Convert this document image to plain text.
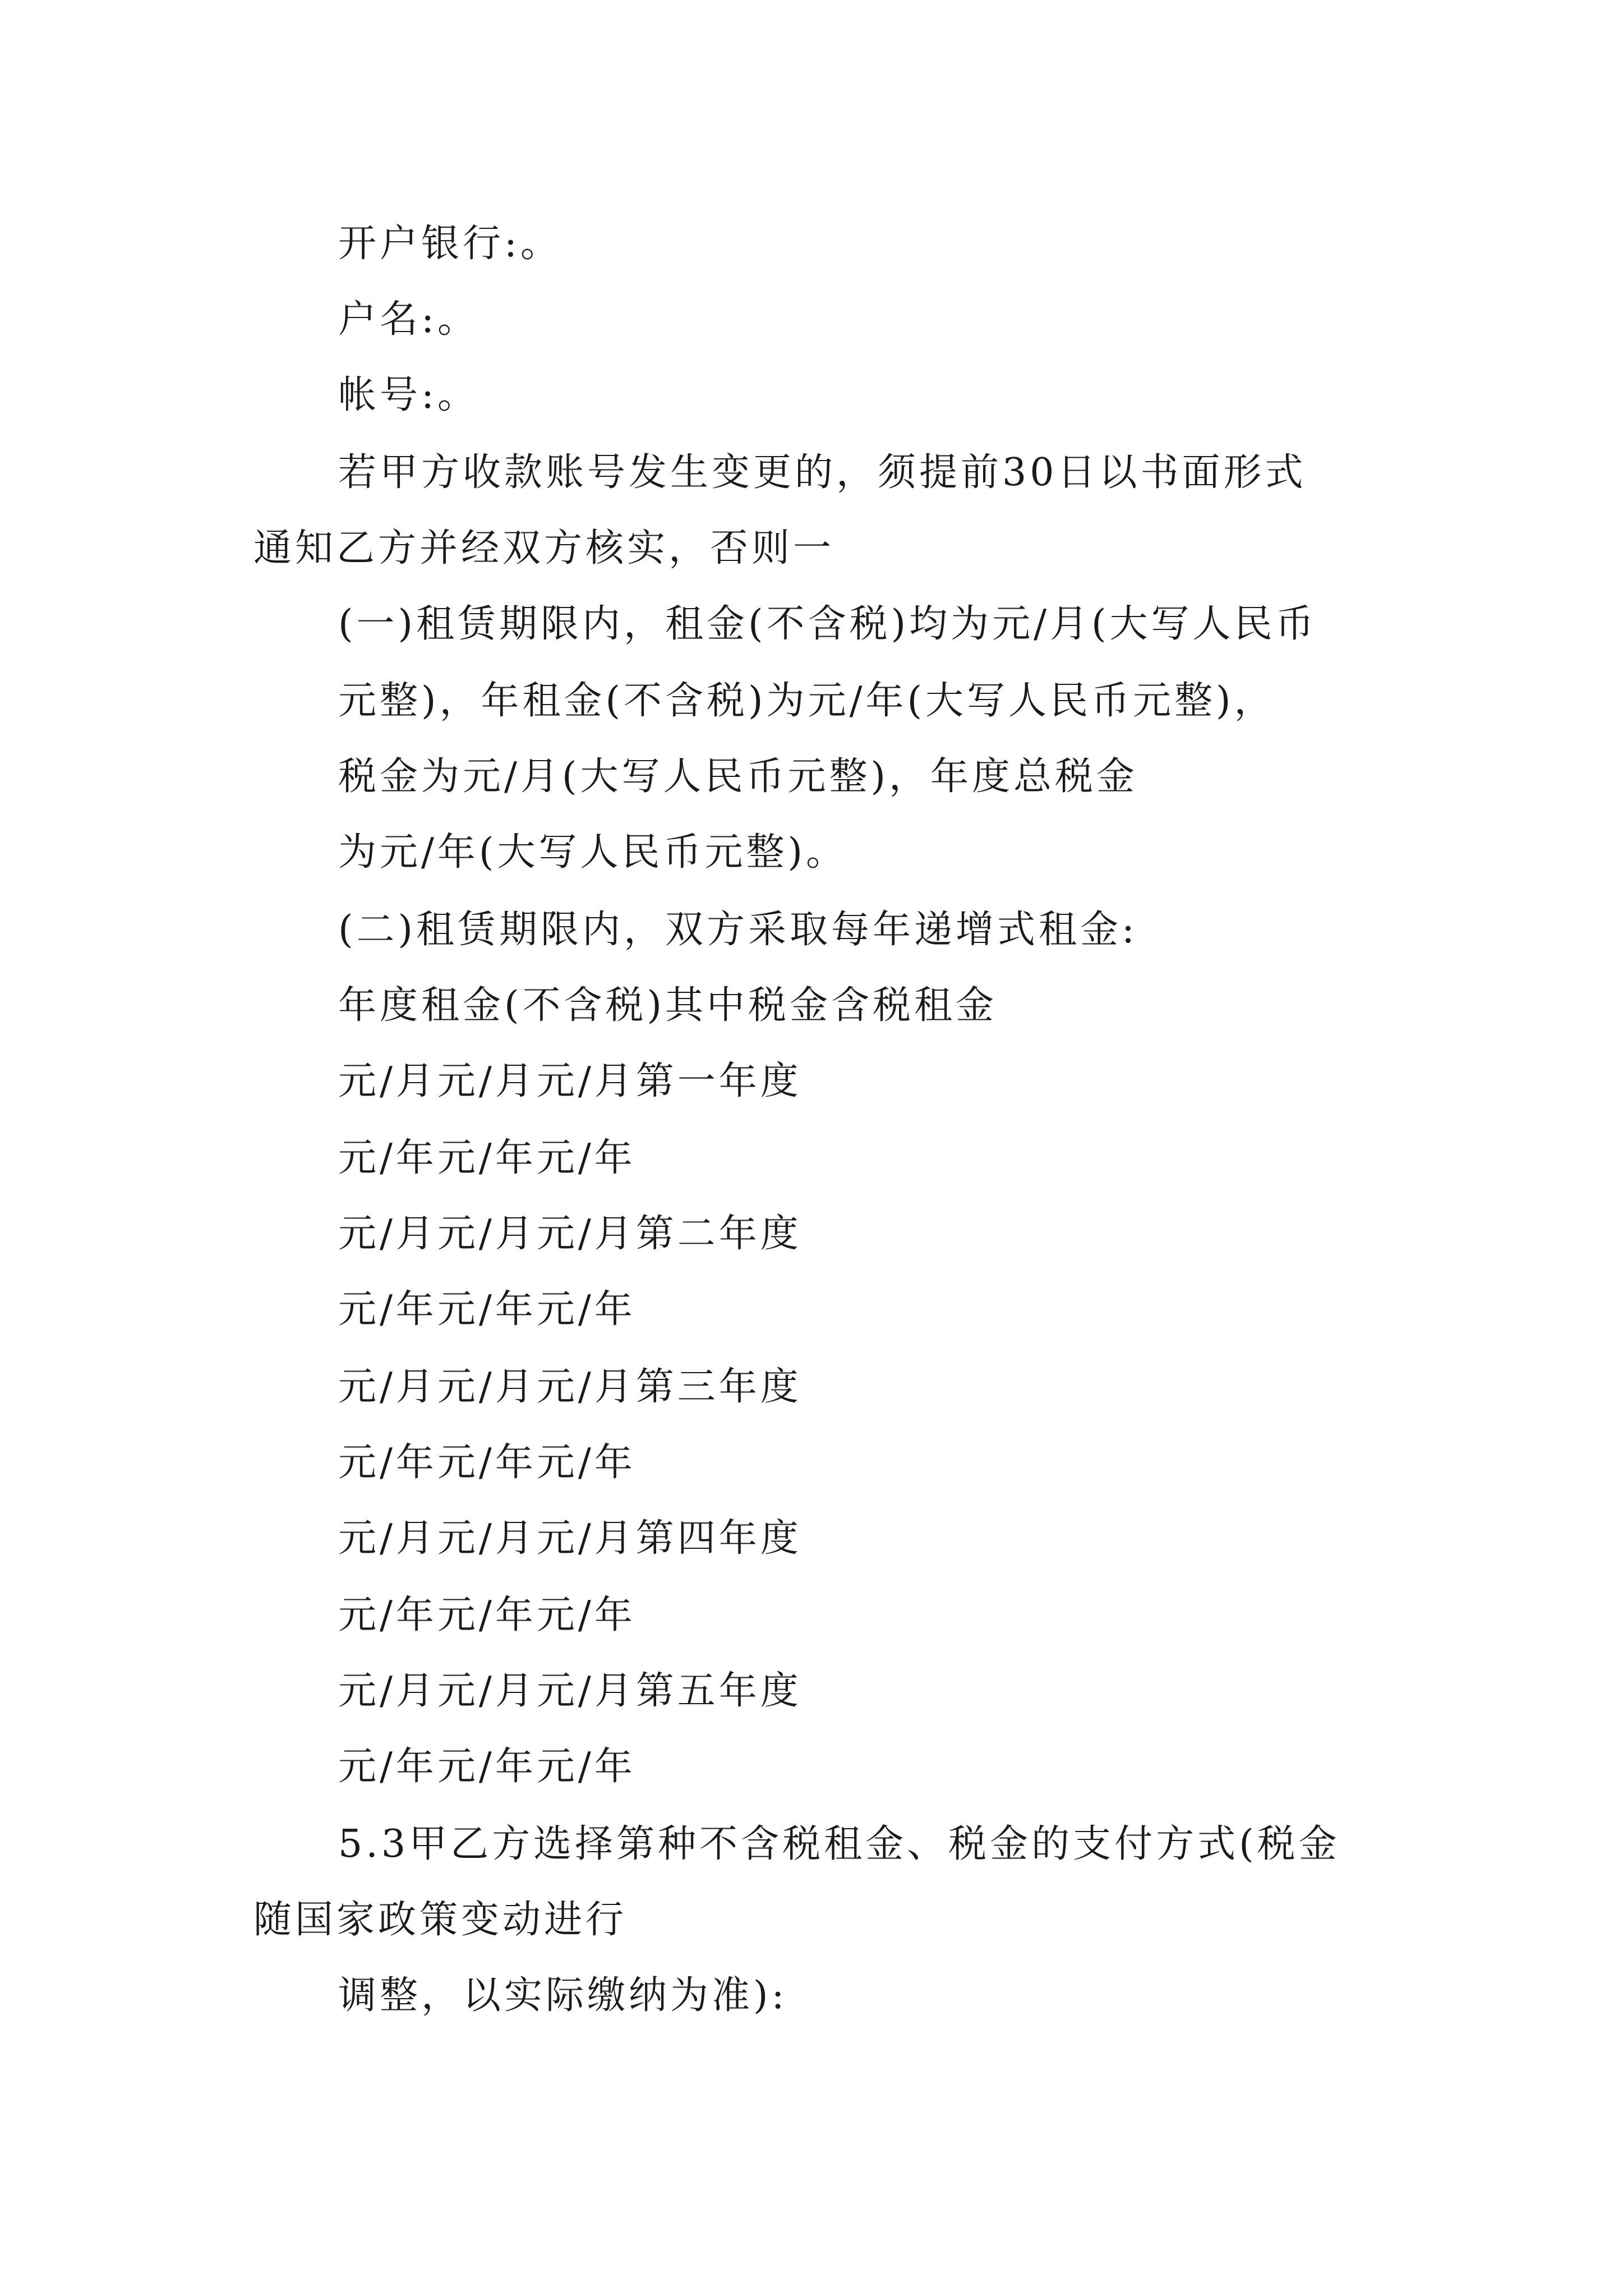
开户银行:。

户名:。

帐号:。

若甲方收款账号发生变更的，须提前30日以书面形式

通知乙方并经双方核实，否则一

(一)租赁期限内，租金(不含税)均为元/月(大写人民币

元整)，年租金(不含税)为元/年(大写人民币元整)，

税金为元/月(大写人民币元整)，年度总税金

为元/年(大写人民币元整)。

(二)租赁期限内，双方采取每年递增式租金:

年度租金(不含税)其中税金含税租金

元/月元/月元/月第一年度

元/年元/年元/年

元/月元/月元/月第二年度

元/年元/年元/年

元/月元/月元/月第三年度

元/年元/年元/年

元/月元/月元/月第四年度

元/年元/年元/年

元/月元/月元/月第五年度

元/年元/年元/年

5.3甲乙方选择第种不含税租金、税金的支付方式(税金

随国家政策变动进行

调整，以实际缴纳为准):
